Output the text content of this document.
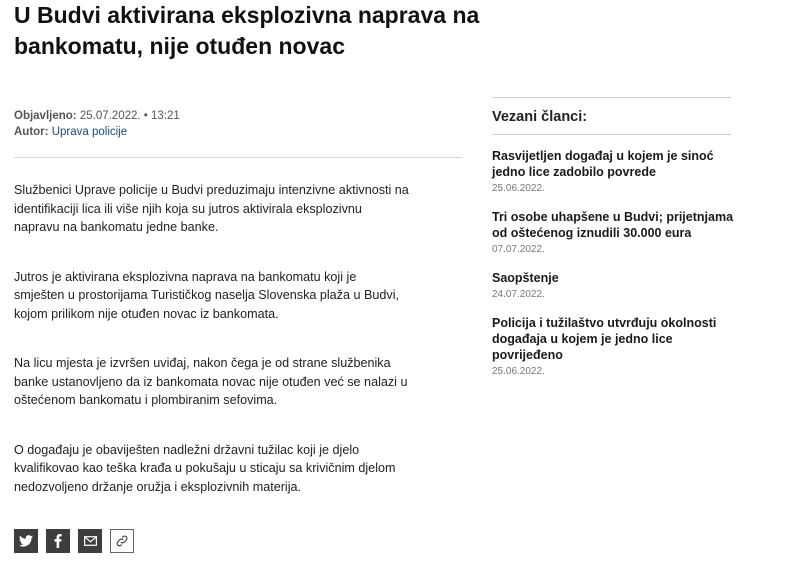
U Budvi aktivirana eksplozivna naprava na bankomatu, nije otuđen novac
Objavljeno: 25.07.2022. • 13:21
Autor: Uprava policije

Službenici Uprave policije u Budvi preduzimaju intenzivne aktivnosti na identifikaciji lica ili više njih koja su jutros aktivirala eksplozivnu napravu na bankomatu jedne banke.

Jutros je aktivirana eksplozivna naprava na bankomatu koji je smješten u prostorijama Turističkog naselja Slovenska plaža u Budvi, kojom prilikom nije otuđen novac iz bankomata.

Na licu mjesta je izvršen uviđaj, nakon čega je od strane službenika banke ustanovljeno da iz bankomata novac nije otuđen već se nalazi u oštećenom bankomatu i plombiranim sefovima.

O događaju je obaviješten nadležni državni tužilac koji je djelo kvalifikovao kao teška krađa u pokušaju u sticaju sa krivičnim djelom nedozvoljeno držanje oružja i eksplozivnih materija.

Vezani članci:
Rasvijetljen događaj u kojem je sinoć jedno lice zadobilo povrede
25.06.2022.
Tri osobe uhapšene u Budvi; prijetnjama od oštećenog iznudili 30.000 eura
07.07.2022.
Saopštenje
24.07.2022.
Policija i tužilaštvo utvrđuju okolnosti događaja u kojem je jedno lice povrijeđeno
25.06.2022.
